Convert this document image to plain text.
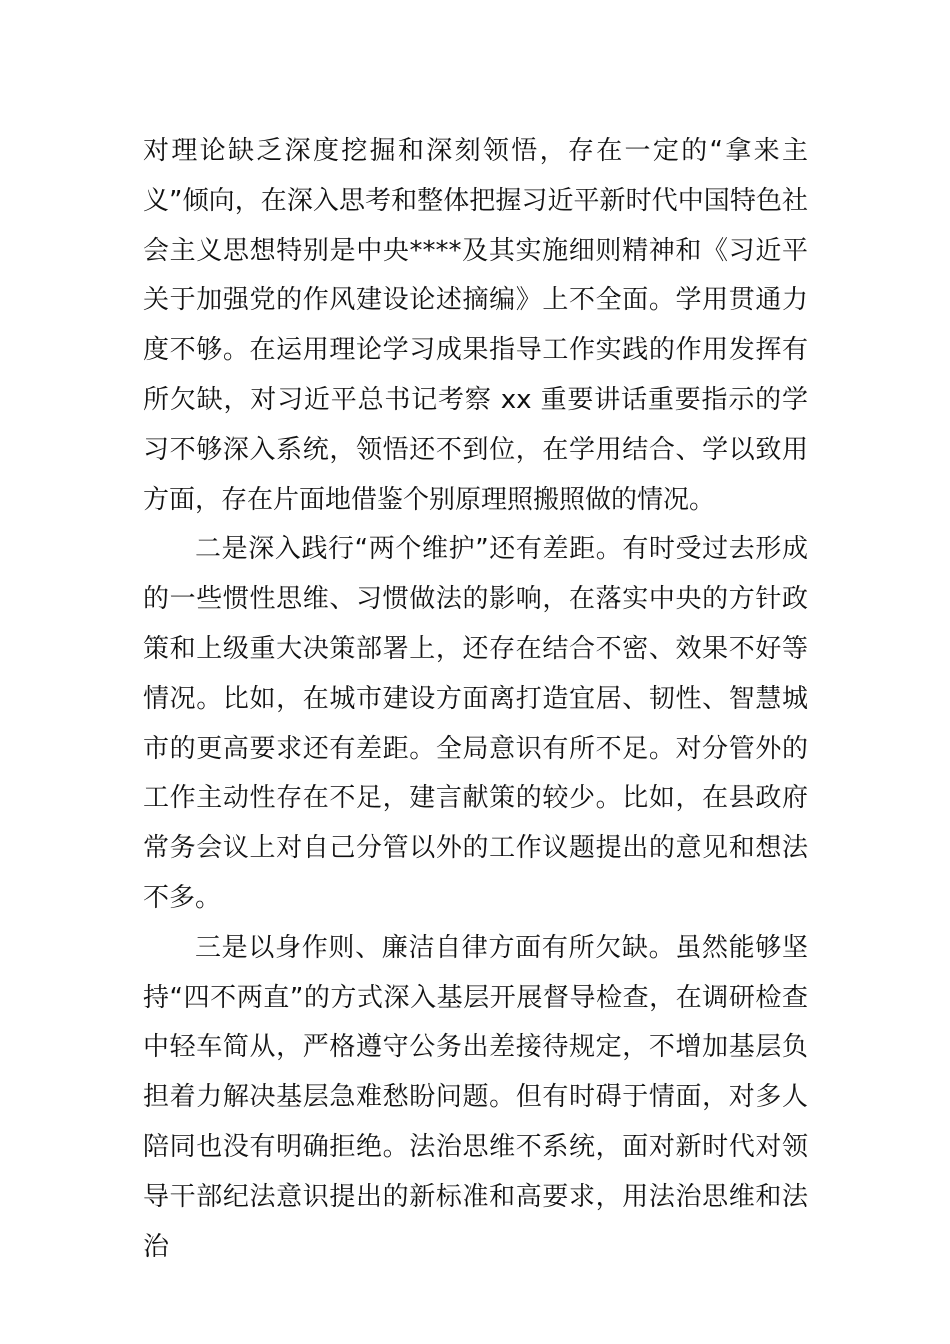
对理论缺乏深度挖掘和深刻领悟，存在一定的“拿来主义”倾向，在深入思考和整体把握习近平新时代中国特色社会主义思想特别是中央****及其实施细则精神和《习近平关于加强党的作风建设论述摘编》上不全面。学用贯通力度不够。在运用理论学习成果指导工作实践的作用发挥有所欠缺，对习近平总书记考察 xx 重要讲话重要指示的学习不够深入系统，领悟还不到位，在学用结合、学以致用方面，存在片面地借鉴个别原理照搬照做的情况。

二是深入践行“两个维护”还有差距。有时受过去形成的一些惯性思维、习惯做法的影响，在落实中央的方针政策和上级重大决策部署上，还存在结合不密、效果不好等情况。比如，在城市建设方面离打造宜居、韧性、智慧城市的更高要求还有差距。全局意识有所不足。对分管外的工作主动性存在不足，建言献策的较少。比如，在县政府常务会议上对自己分管以外的工作议题提出的意见和想法不多。

三是以身作则、廉洁自律方面有所欠缺。虽然能够坚持“四不两直”的方式深入基层开展督导检查，在调研检查中轻车简从，严格遵守公务出差接待规定，不增加基层负担着力解决基层急难愁盼问题。但有时碍于情面，对多人陪同也没有明确拒绝。法治思维不系统，面对新时代对领导干部纪法意识提出的新标准和高要求，用法治思维和法治
